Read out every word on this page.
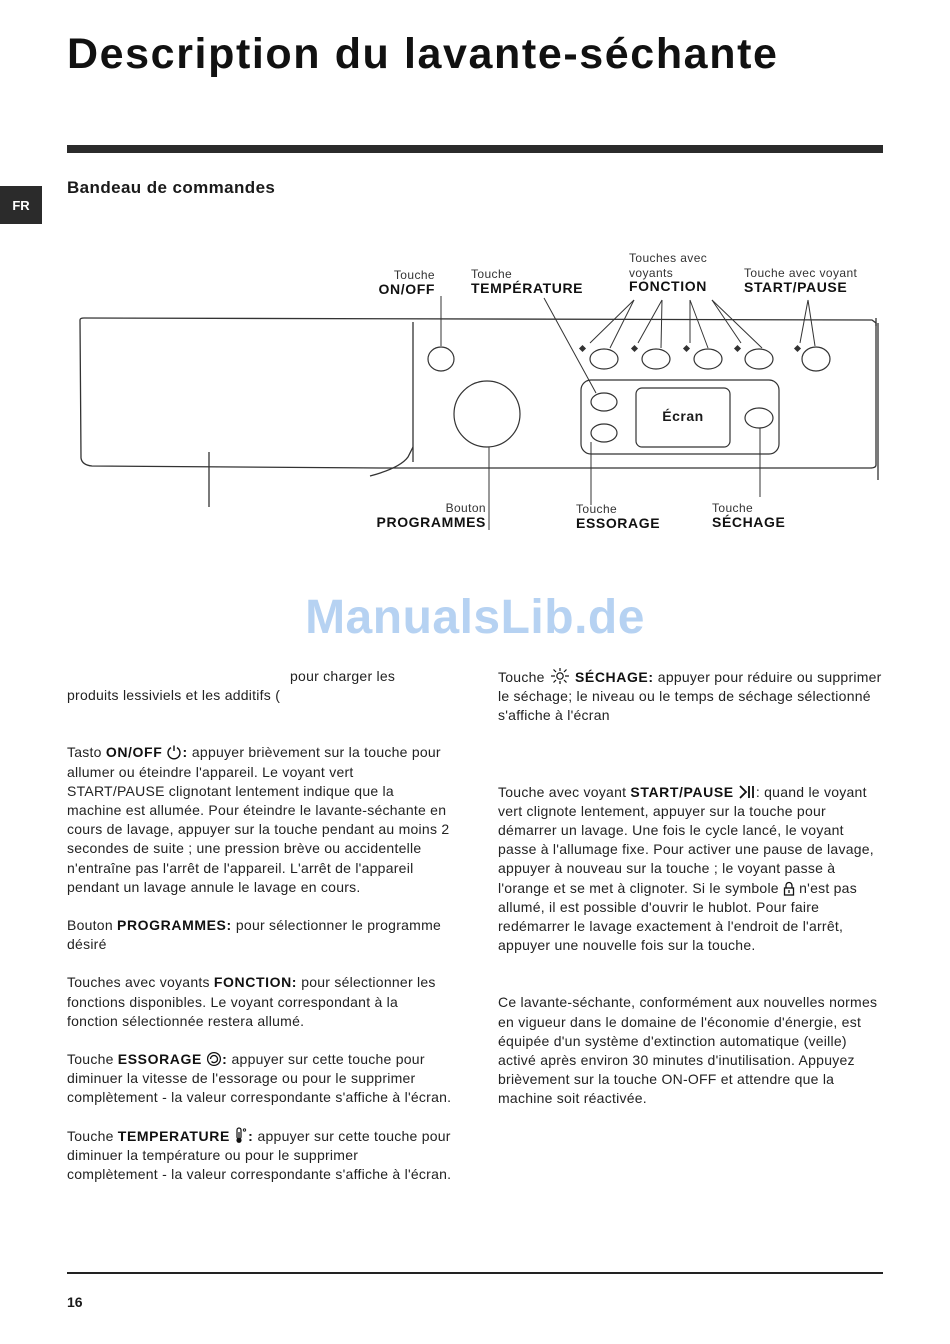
Description du lavante-séchante
FR
Bandeau de commandes
Touche
ON/OFF
Touche
TEMPÉRATURE
Touches avec
voyants
FONCTION
Touche avec voyant
START/PAUSE
Écran
Bouton
PROGRAMMES
Touche
ESSORAGE
Touche
SÉCHAGE
ManualsLib.de

pour charger les

produits lessiviels et les additifs (

Tasto ON/OFF : appuyer brièvement sur la touche pour allumer ou éteindre l'appareil. Le voyant vert START/PAUSE clignotant lentement indique que la machine est allumée. Pour éteindre le lavante-séchante en cours de lavage, appuyer sur la touche pendant au moins 2 secondes de suite ; une pression brève ou accidentelle n'entraîne pas l'arrêt de l'appareil. L'arrêt de l'appareil pendant un lavage annule le lavage en cours.

Bouton PROGRAMMES: pour sélectionner le programme désiré

Touches avec voyants FONCTION: pour sélectionner les fonctions disponibles. Le voyant correspondant à la fonction sélectionnée restera allumé.

Touche ESSORAGE : appuyer sur cette touche pour diminuer la vitesse de l'essorage ou pour le supprimer complètement - la valeur correspondante s'affiche à l'écran.

Touche TEMPERATURE : appuyer sur cette touche pour diminuer la température ou pour le supprimer complètement - la valeur correspondante s'affiche à l'écran.

Touche  SÉCHAGE: appuyer pour réduire ou supprimer le séchage; le niveau ou le temps de séchage sélectionné s'affiche à l'écran

Touche avec voyant START/PAUSE : quand le voyant vert clignote lentement, appuyer sur la touche pour démarrer un lavage. Une fois le cycle lancé, le voyant passe à l'allumage fixe. Pour activer une pause de lavage, appuyer à nouveau sur la touche ; le voyant passe à l'orange et se met à clignoter. Si le symbole  n'est pas allumé, il est possible d'ouvrir le hublot. Pour faire redémarrer le lavage exactement à l'endroit de l'arrêt, appuyer une nouvelle fois sur la touche.

Ce lavante-séchante, conformément aux nouvelles normes en vigueur dans le domaine de l'économie d'énergie, est équipée d'un système d'extinction automatique (veille) activé après environ 30 minutes d'inutilisation. Appuyez brièvement sur la touche ON-OFF et attendre que la machine soit réactivée.

16
